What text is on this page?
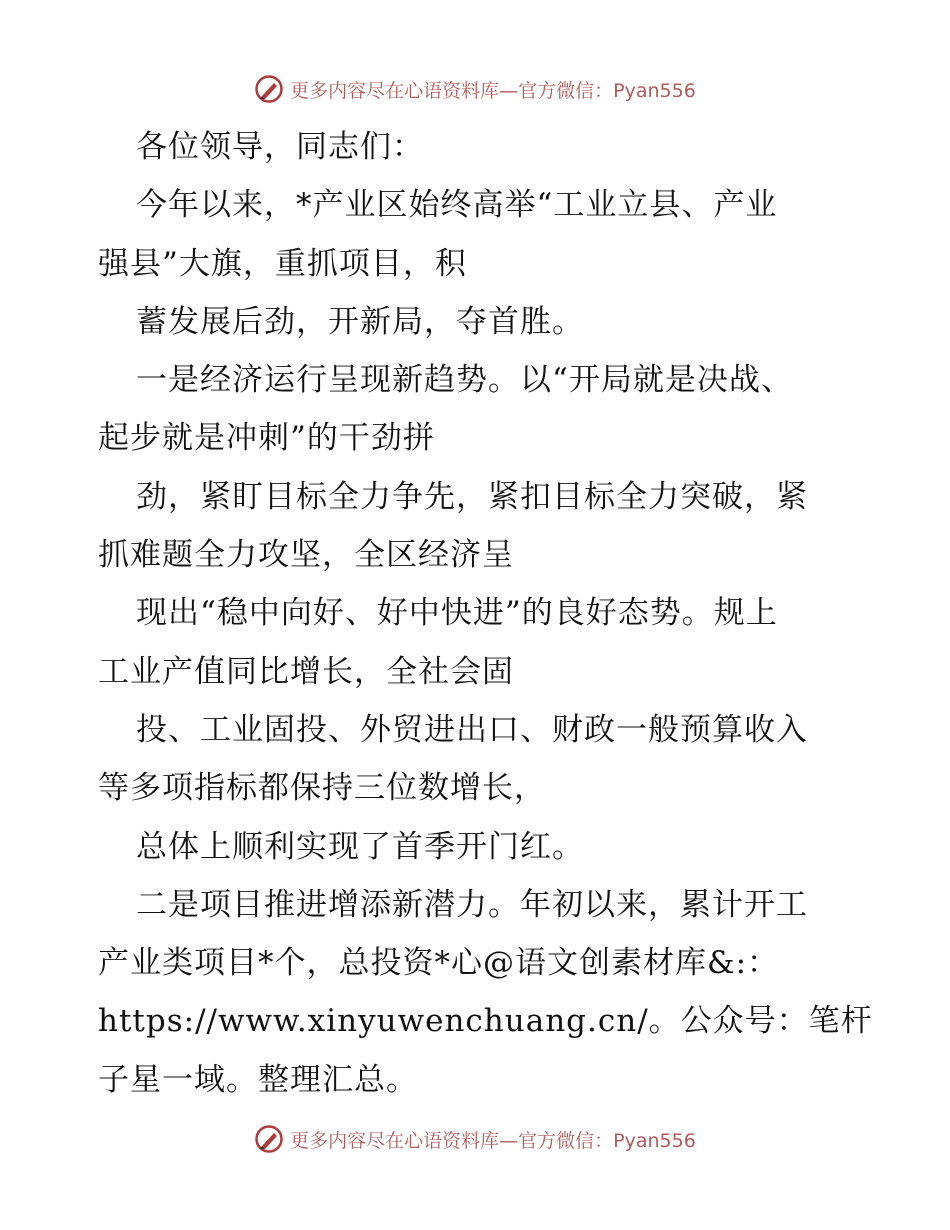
更多内容尽在心语资料库—官方微信：Pyan556
各位领导，同志们：
今年以来，*产业区始终高举“工业立县、产业
强县”大旗，重抓项目，积
蓄发展后劲，开新局，夺首胜。
一是经济运行呈现新趋势。以“开局就是决战、
起步就是冲刺”的干劲拼
劲，紧盯目标全力争先，紧扣目标全力突破，紧
抓难题全力攻坚，全区经济呈
现出“稳中向好、好中快进”的良好态势。规上
工业产值同比增长，全社会固
投、工业固投、外贸进出口、财政一般预算收入
等多项指标都保持三位数增长，
总体上顺利实现了首季开门红。
二是项目推进增添新潜力。年初以来，累计开工
产业类项目*个，总投资*心@语文创素材库&:：
https://www.xinyuwenchuang.cn/。公众号：笔杆
子星一域。整理汇总。
更多内容尽在心语资料库—官方微信：Pyan556
